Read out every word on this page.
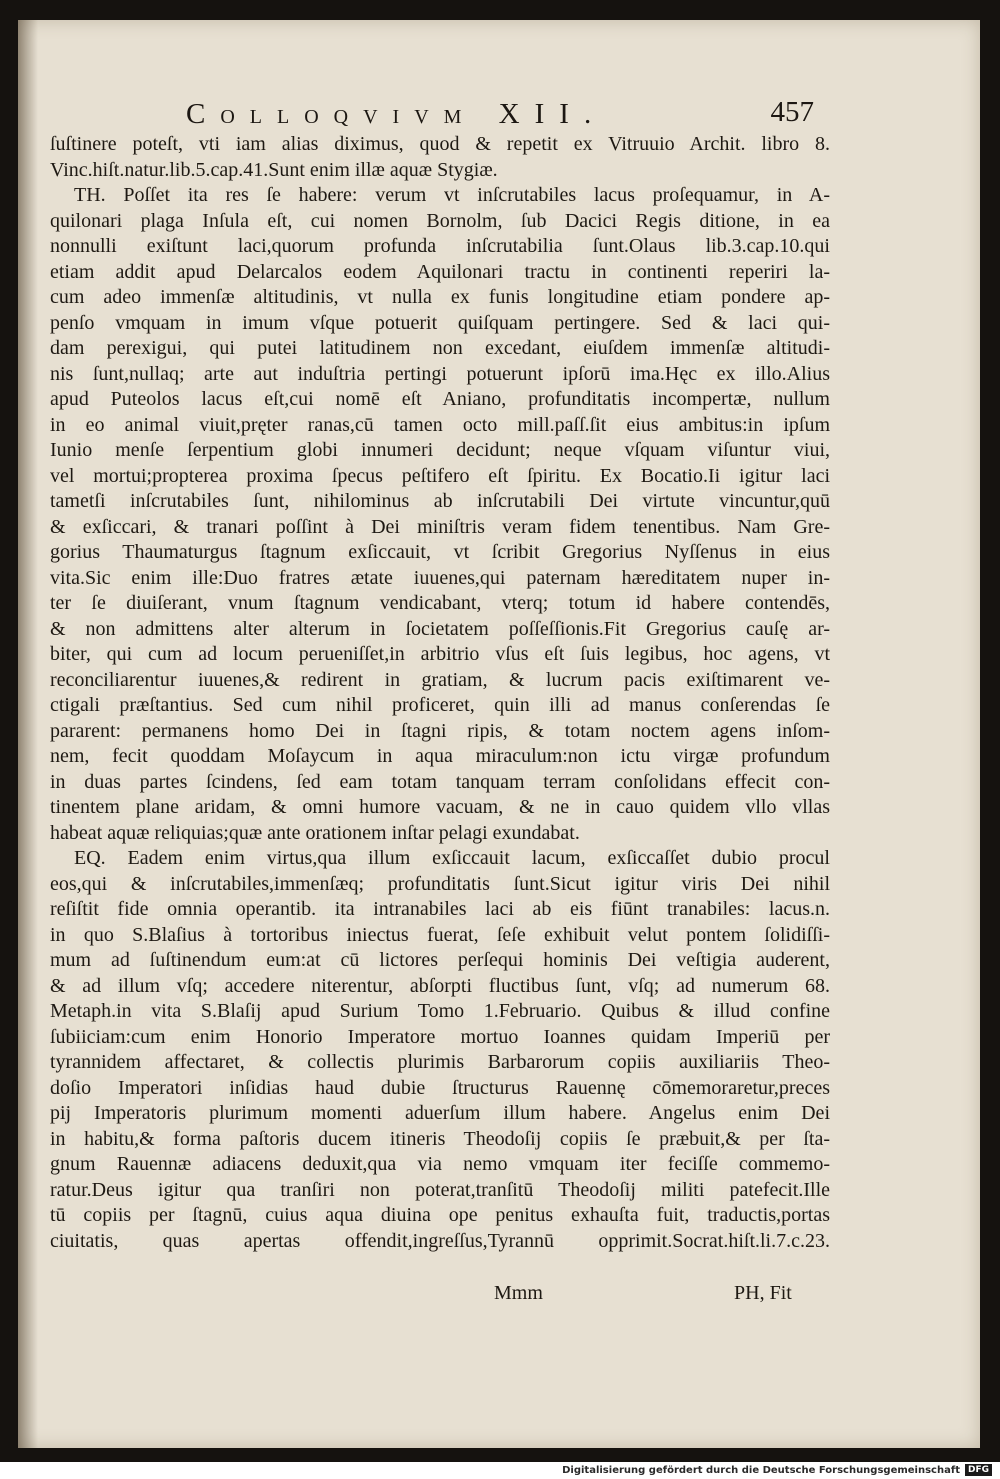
Colloqvivm XII.	457
ſuſtinere poteſt, vti iam alias diximus, quod & repetit ex Vitruuio Archit. libro 8.
Vinc.hiſt.natur.lib.5.cap.41.Sunt enim illæ aquæ Stygiæ.
TH. Poſſet ita res ſe habere: verum vt inſcrutabiles lacus proſequamur, in A-
quilonari plaga Inſula eſt, cui nomen Bornolm, ſub Dacici Regis ditione, in ea
nonnulli exiſtunt laci,quorum profunda inſcrutabilia ſunt.Olaus lib.3.cap.10.qui
etiam addit apud Delarcalos eodem Aquilonari tractu in continenti reperiri la-
cum adeo immenſæ altitudinis, vt nulla ex funis longitudine etiam pondere ap-
penſo vmquam in imum vſque potuerit quiſquam pertingere. Sed & laci qui-
dam perexigui, qui putei latitudinem non excedant, eiuſdem immenſæ altitudi-
nis ſunt,nullaq; arte aut induſtria pertingi potuerunt ipſorū ima.Hęc ex illo.Alius
apud Puteolos lacus eſt,cui nomē eſt Aniano, profunditatis incompertæ, nullum
in eo animal viuit,pręter ranas,cū tamen octo mill.paſſ.ſit eius ambitus:in ipſum
Iunio menſe ſerpentium globi innumeri decidunt; neque vſquam viſuntur viui,
vel mortui;propterea proxima ſpecus peſtifero eſt ſpiritu. Ex Bocatio.Ii igitur laci
tametſi inſcrutabiles ſunt, nihilominus ab inſcrutabili Dei virtute vincuntur,quū
& exſiccari, & tranari poſſint à Dei miniſtris veram fidem tenentibus. Nam Gre-
gorius Thaumaturgus ſtagnum exſiccauit, vt ſcribit Gregorius Nyſſenus in eius
vita.Sic enim ille:Duo fratres ætate iuuenes,qui paternam hæreditatem nuper in-
ter ſe diuiſerant, vnum ſtagnum vendicabant, vterq; totum id habere contendēs,
& non admittens alter alterum in ſocietatem poſſeſſionis.Fit Gregorius cauſę ar-
biter, qui cum ad locum perueniſſet,in arbitrio vſus eſt ſuis legibus, hoc agens, vt
reconciliarentur iuuenes,& redirent in gratiam, & lucrum pacis exiſtimarent ve-
ctigali præſtantius. Sed cum nihil proficeret, quin illi ad manus conſerendas ſe
pararent: permanens homo Dei in ſtagni ripis, & totam noctem agens inſom-
nem, fecit quoddam Moſaycum in aqua miraculum:non ictu virgæ profundum
in duas partes ſcindens, ſed eam totam tanquam terram conſolidans effecit con-
tinentem plane aridam, & omni humore vacuam, & ne in cauo quidem vllo vllas
habeat aquæ reliquias;quæ ante orationem inſtar pelagi exundabat.
EQ. Eadem enim virtus,qua illum exſiccauit lacum, exſiccaſſet dubio procul
eos,qui & inſcrutabiles,immenſæq; profunditatis ſunt.Sicut igitur viris Dei nihil
reſiſtit fide omnia operantib. ita intranabiles laci ab eis fiūnt tranabiles: lacus.n.
in quo S.Blaſius à tortoribus iniectus fuerat, ſeſe exhibuit velut pontem ſolidiſſi-
mum ad ſuſtinendum eum:at cū lictores perſequi hominis Dei veſtigia auderent,
& ad illum vſq; accedere niterentur, abſorpti fluctibus ſunt, vſq; ad numerum 68.
Metaph.in vita S.Blaſij apud Surium Tomo 1.Februario. Quibus & illud confine
ſubiiciam:cum enim Honorio Imperatore mortuo Ioannes quidam Imperiū per
tyrannidem affectaret, & collectis plurimis Barbarorum copiis auxiliariis Theo-
doſio Imperatori inſidias haud dubie ſtructurus Rauennę cōmemoraretur,preces
pij Imperatoris plurimum momenti aduerſum illum habere. Angelus enim Dei
in habitu,& forma paſtoris ducem itineris Theodoſij copiis ſe præbuit,& per ſta-
gnum Rauennæ adiacens deduxit,qua via nemo vmquam iter feciſſe commemo-
ratur.Deus igitur qua tranſiri non poterat,tranſitū Theodoſij militi patefecit.Ille
tū copiis per ſtagnū, cuius aqua diuina ope penitus exhauſta fuit, traductis,portas
ciuitatis, quas apertas offendit,ingreſſus,Tyrannū opprimit.Socrat.hiſt.li.7.c.23.
Mmm	PH, Fit
Digitalisierung gefördert durch die Deutsche Forschungsgemeinschaft DFG
